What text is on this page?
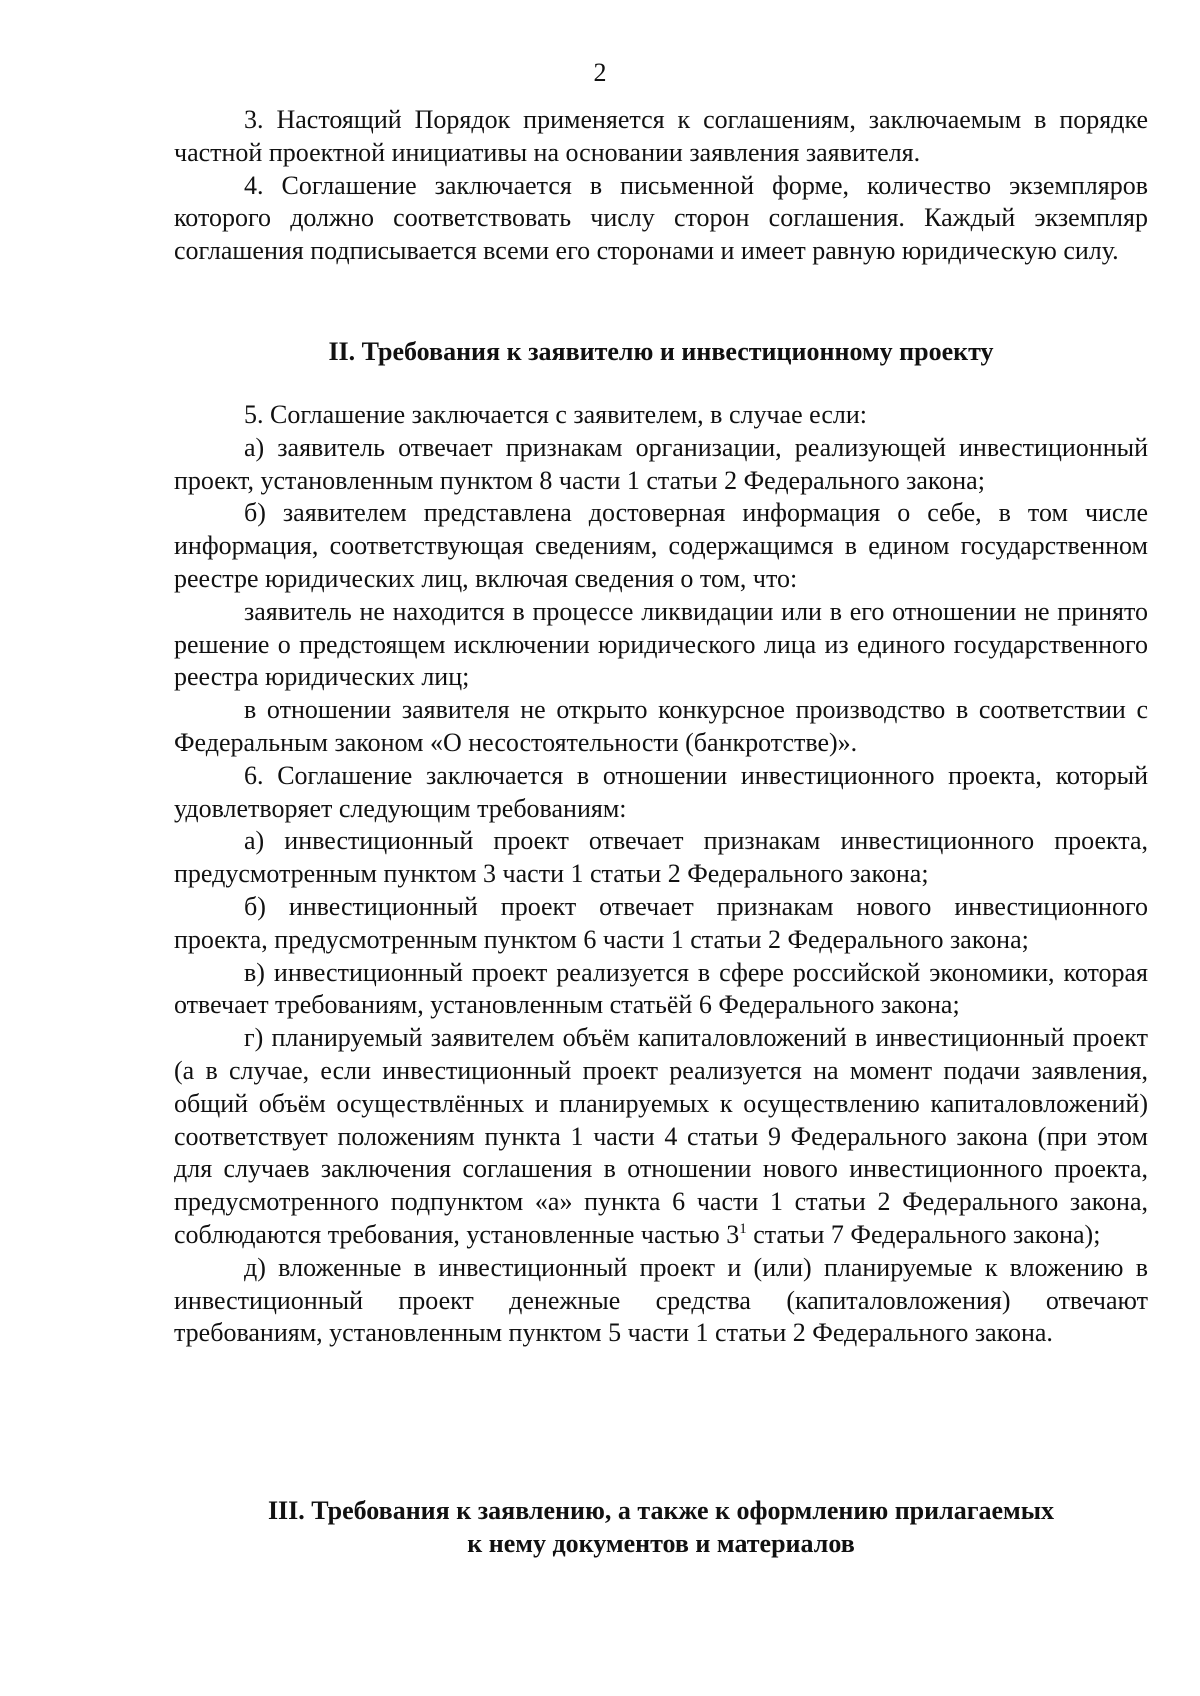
2

3. Настоящий Порядок применяется к соглашениям, заключаемым в порядке частной проектной инициативы на основании заявления заявителя.

4. Соглашение заключается в письменной форме, количество экземпляров которого должно соответствовать числу сторон соглашения. Каждый экземпляр соглашения подписывается всеми его сторонами и имеет равную юридическую силу.

II. Требования к заявителю и инвестиционному проекту

5. Соглашение заключается с заявителем, в случае если:

а) заявитель отвечает признакам организации, реализующей инвестиционный проект, установленным пунктом 8 части 1 статьи 2 Федерального закона;

б) заявителем представлена достоверная информация о себе, в том числе информация, соответствующая сведениям, содержащимся в едином государственном реестре юридических лиц, включая сведения о том, что:

заявитель не находится в процессе ликвидации или в его отношении не принято решение о предстоящем исключении юридического лица из единого государственного реестра юридических лиц;

в отношении заявителя не открыто конкурсное производство в соответствии с Федеральным законом «О несостоятельности (банкротстве)».

6. Соглашение заключается в отношении инвестиционного проекта, который удовлетворяет следующим требованиям:

а) инвестиционный проект отвечает признакам инвестиционного проекта, предусмотренным пунктом 3 части 1 статьи 2 Федерального закона;

б) инвестиционный проект отвечает признакам нового инвестиционного проекта, предусмотренным пунктом 6 части 1 статьи 2 Федерального закона;

в) инвестиционный проект реализуется в сфере российской экономики, которая отвечает требованиям, установленным статьёй 6 Федерального закона;

г) планируемый заявителем объём капиталовложений в инвестиционный проект (а в случае, если инвестиционный проект реализуется на момент подачи заявления, общий объём осуществлённых и планируемых к осуществлению капиталовложений) соответствует положениям пункта 1 части 4 статьи 9 Федерального закона (при этом для случаев заключения соглашения в отношении нового инвестиционного проекта, предусмотренного подпунктом «а» пункта 6 части 1 статьи 2 Федерального закона, соблюдаются требования, установленные частью $3^1$ статьи 7 Федерального закона);

д) вложенные в инвестиционный проект и (или) планируемые к вложению в инвестиционный проект денежные средства (капиталовложения) отвечают требованиям, установленным пунктом 5 части 1 статьи 2 Федерального закона.

III. Требования к заявлению, а также к оформлению прилагаемых
к нему документов и материалов
